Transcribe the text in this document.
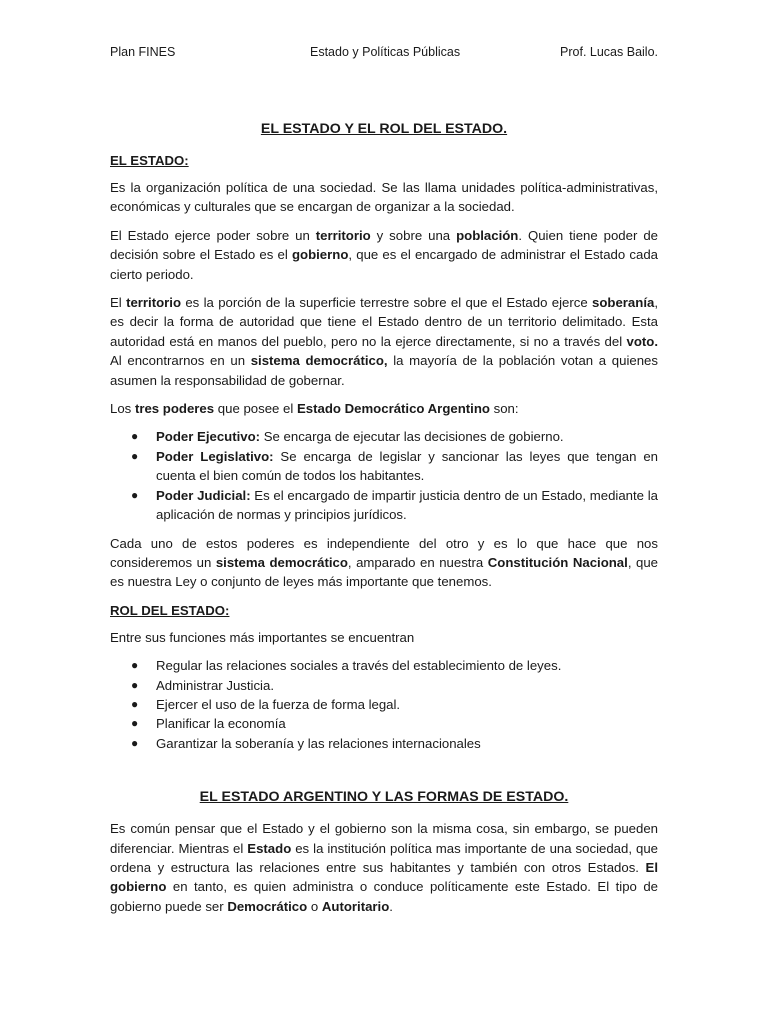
Plan FINES	Estado y Políticas Públicas	Prof. Lucas Bailo.
EL ESTADO Y EL ROL DEL ESTADO.
EL ESTADO:

Es la organización política de una sociedad. Se las llama unidades política-administrativas, económicas y culturales que se encargan de organizar a la sociedad.

El Estado ejerce poder sobre un territorio y sobre una población. Quien tiene poder de decisión sobre el Estado es el gobierno, que es el encargado de administrar el Estado cada cierto periodo.

El territorio es la porción de la superficie terrestre sobre el que el Estado ejerce soberanía, es decir la forma de autoridad que tiene el Estado dentro de un territorio delimitado. Esta autoridad está en manos del pueblo, pero no la ejerce directamente, si no a través del voto. Al encontrarnos en un sistema democrático, la mayoría de la población votan a quienes asumen la responsabilidad de gobernar.

Los tres poderes que posee el Estado Democrático Argentino son:

● Poder Ejecutivo: Se encarga de ejecutar las decisiones de gobierno.
● Poder Legislativo: Se encarga de legislar y sancionar las leyes que tengan en cuenta el bien común de todos los habitantes.
● Poder Judicial: Es el encargado de impartir justicia dentro de un Estado, mediante la aplicación de normas y principios jurídicos.

Cada uno de estos poderes es independiente del otro y es lo que hace que nos consideremos un sistema democrático, amparado en nuestra Constitución Nacional, que es nuestra Ley o conjunto de leyes más importante que tenemos.

ROL DEL ESTADO:

Entre sus funciones más importantes se encuentran

● Regular las relaciones sociales a través del establecimiento de leyes.
● Administrar Justicia.
● Ejercer el uso de la fuerza de forma legal.
● Planificar la economía
● Garantizar la soberanía y las relaciones internacionales
EL ESTADO ARGENTINO Y LAS FORMAS DE ESTADO.

Es común pensar que el Estado y el gobierno son la misma cosa, sin embargo, se pueden diferenciar. Mientras el Estado es la institución política mas importante de una sociedad, que ordena y estructura las relaciones entre sus habitantes y también con otros Estados. El gobierno en tanto, es quien administra o conduce políticamente este Estado. El tipo de gobierno puede ser Democrático o Autoritario.
